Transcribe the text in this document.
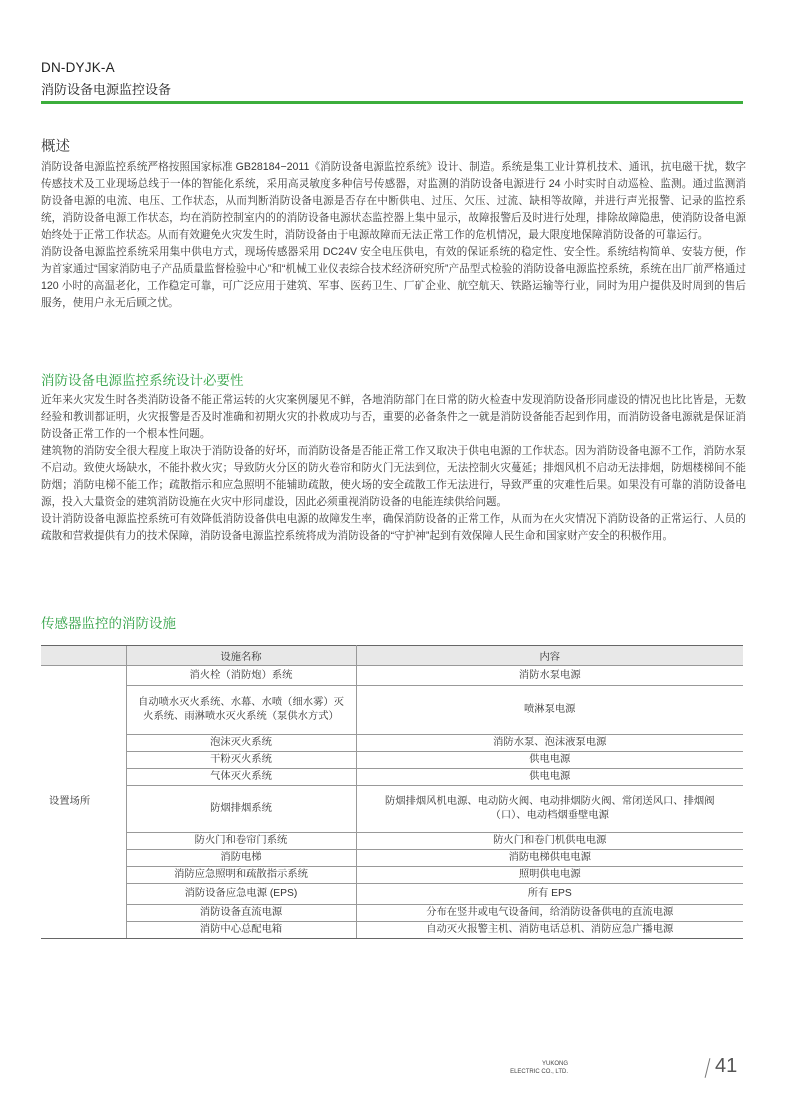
DN-DYJK-A
消防设备电源监控设备
概述

消防设备电源监控系统严格按照国家标准 GB28184−2011《消防设备电源监控系统》设计、制造。系统是集工业计算机技术、通讯，抗电磁干扰，数字传感技术及工业现场总线于一体的智能化系统，采用高灵敏度多种信号传感器，对监测的消防设备电源进行 24 小时实时自动巡检、监测。通过监测消防设备电源的电流、电压、工作状态，从而判断消防设备电源是否存在中断供电、过压、欠压、过流、缺相等故障，并进行声光报警、记录的监控系统，消防设备电源工作状态，均在消防控制室内的的消防设备电源状态监控器上集中显示，故障报警后及时进行处理，排除故障隐患，使消防设备电源始终处于正常工作状态。从而有效避免火灾发生时，消防设备由于电源故障而无法正常工作的危机情况，最大限度地保障消防设备的可靠运行。

消防设备电源监控系统采用集中供电方式，现场传感器采用 DC24V 安全电压供电，有效的保证系统的稳定性、安全性。系统结构简单、安装方便，作为首家通过“国家消防电子产品质量监督检验中心”和“机械工业仪表综合技术经济研究所”产品型式检验的消防设备电源监控系统，系统在出厂前严格通过 120 小时的高温老化，工作稳定可靠，可广泛应用于建筑、军事、医药卫生、厂矿企业、航空航天、铁路运输等行业，同时为用户提供及时周到的售后服务，使用户永无后顾之忧。

消防设备电源监控系统设计必要性

近年来火灾发生时各类消防设备不能正常运转的火灾案例屡见不鲜，各地消防部门在日常的防火检查中发现消防设备形同虚设的情况也比比皆是，无数经验和教训都证明，火灾报警是否及时准确和初期火灾的扑救成功与否，重要的必备条件之一就是消防设备能否起到作用，而消防设备电源就是保证消防设备正常工作的一个根本性问题。

建筑物的消防安全很大程度上取决于消防设备的好坏，而消防设备是否能正常工作又取决于供电电源的工作状态。因为消防设备电源不工作，消防水泵不启动。致使火场缺水，不能扑救火灾；导致防火分区的防火卷帘和防火门无法到位，无法控制火灾蔓延；排烟风机不启动无法排烟，防烟楼梯间不能防烟；消防电梯不能工作；疏散指示和应急照明不能辅助疏散，使火场的安全疏散工作无法进行，导致严重的灾难性后果。如果没有可靠的消防设备电源，投入大量资金的建筑消防设施在火灾中形同虚设，因此必须重视消防设备的电能连续供给问题。

设计消防设备电源监控系统可有效降低消防设备供电电源的故障发生率，确保消防设备的正常工作，从而为在火灾情况下消防设备的正常运行、人员的疏散和营救提供有力的技术保障，消防设备电源监控系统将成为消防设备的“守护神”起到有效保障人民生命和国家财产安全的积极作用。

传感器监控的消防设施
	设施名称	内容
设置场所	消火栓（消防炮）系统	消防水泵电源
	自动喷水灭火系统、水幕、水喷（细水雾）灭火系统、雨淋喷水灭火系统（泵供水方式）	喷淋泵电源
	泡沫灭火系统	消防水泵、泡沫液泵电源
	干粉灭火系统	供电电源
	气体灭火系统	供电电源
	防烟排烟系统	防烟排烟风机电源、电动防火阀、电动排烟防火阀、常闭送风口、排烟阀（口）、电动档烟垂壁电源
	防火门和卷帘门系统	防火门和卷门机供电电源
	消防电梯	消防电梯供电电源
	消防应急照明和疏散指示系统	照明供电电源
	消防设备应急电源 (EPS)	所有 EPS
	消防设备直流电源	分布在竖井或电气设备间，给消防设备供电的直流电源
	消防中心总配电箱	自动灭火报警主机、消防电话总机、消防应急广播电源
YUKONG
ELECTRIC CO., LTD.	41
